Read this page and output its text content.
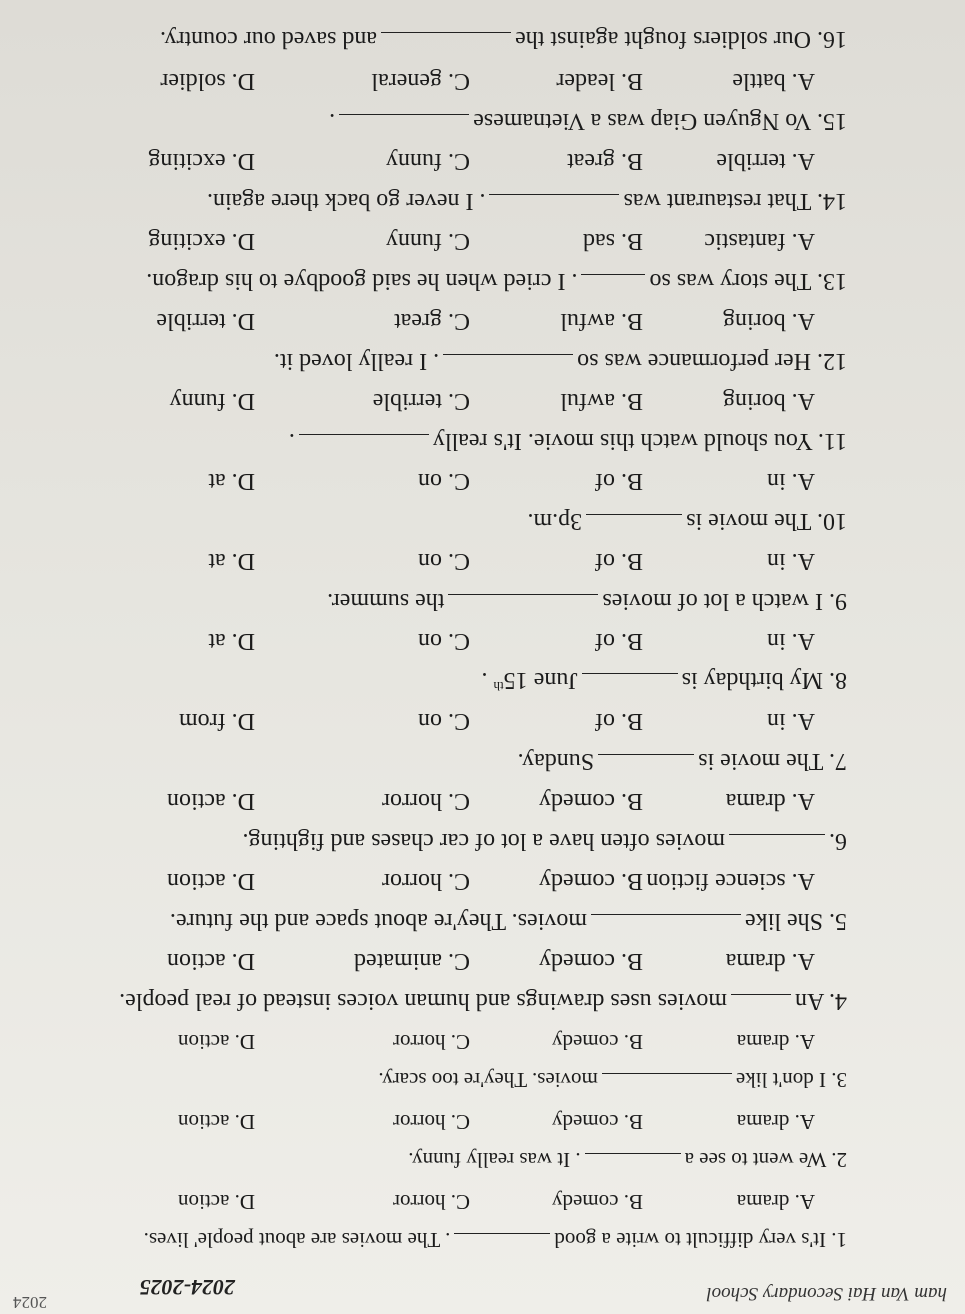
2024	ham Van Hai Secondary School
2024-2025
1. It's very difficult to write a good. The movies are about people' lives.
A. drama
B. comedy
C. horror
D. action
2. We went to see a. It was really funny.
A. drama
B. comedy
C. horror
D. action
3. I don't likemovies. They're too scary.
A. drama
B. comedy
C. horror
D. action
4. Anmovies uses drawings and human voices instead of real people.
A. drama
B. comedy
C. animated
D. action
5. She likemovies. They're about space and the future.
A. science fiction
B. comedy
C. horror
D. action
6.movies often have a lot of car chases and fighting.
A. drama
B. comedy
C. horror
D. action
7. The movie isSunday.
A. in
B. of
C. on
D. from
8. My birthday isJune 15th .
A. in
B. of
C. on
D. at
9. I watch a lot of moviesthe summer.
A. in
B. of
C. on
D. at
10. The movie is3p.m.
A. in
B. of
C. on
D. at
11. You should watch this movie. It's really.
A. boring
B. awful
C. terrible
D. funny
12. Her performance was so. I really loved it.
A. boring
B. awful
C. great
D. terrible
13. The story was so. I cried when he said goodbye to his dragon.
A. fantastic
B. sad
C. funny
D. exciting
14. That restaurant was. I never go back there again.
A. terrible
B. great
C. funny
D. exciting
15. Vo Nguyen Giap was a Vietnamese.
A. battle
B. leader
C. general
D. soldier
16. Our soldiers fought against theand saved our country.
